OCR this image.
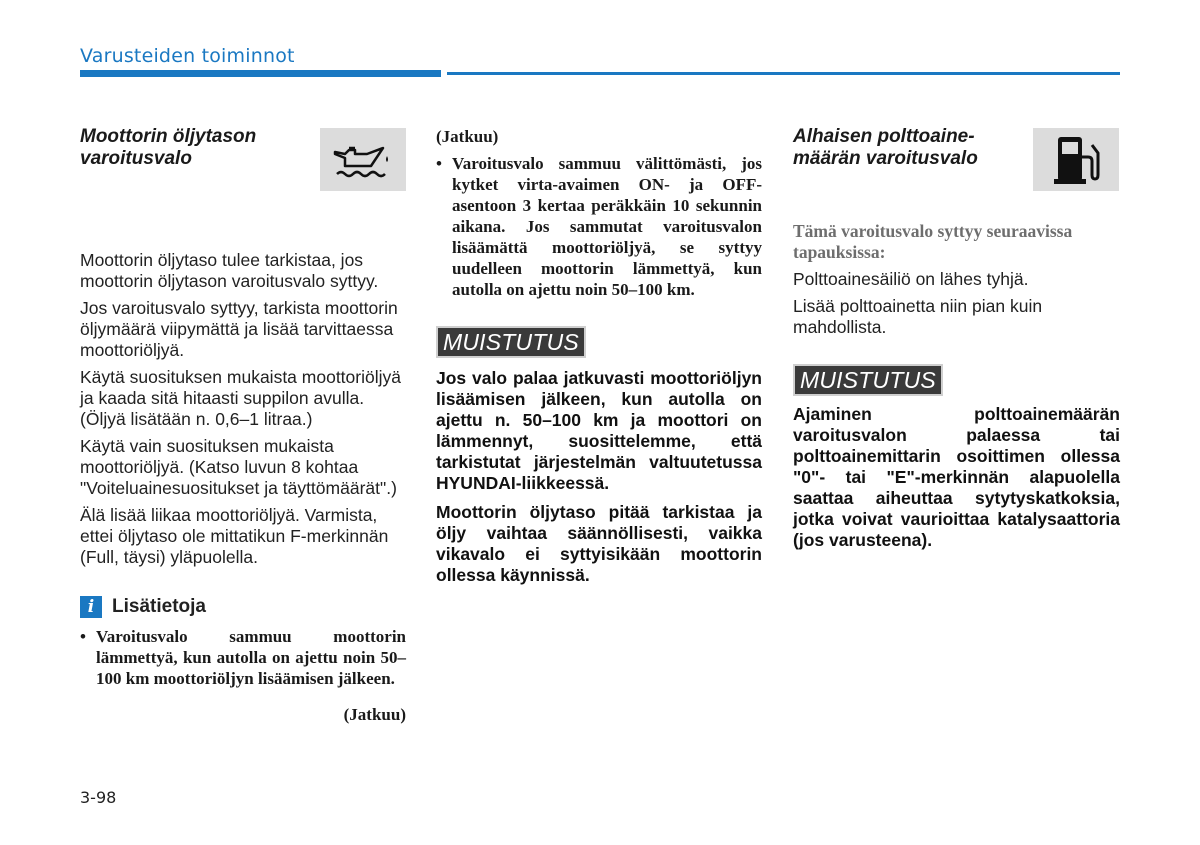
Varusteiden toiminnot
Moottorin öljytason
varoitusvalo

Moottorin öljytaso tulee tarkistaa, jos moottorin öljytason varoitusvalo syttyy.

Jos varoitusvalo syttyy, tarkista moottorin öljymäärä viipymättä ja lisää tarvittaessa moottoriöljyä.

Käytä suosituksen mukaista moottoriöljyä ja kaada sitä hitaasti suppilon avulla. (Öljyä lisätään n. 0,6–1 litraa.)

Käytä vain suosituksen mukaista moottoriöljyä. (Katso luvun 8 kohtaa "Voiteluainesuositukset ja täyttömäärät".)

Älä lisää liikaa moottoriöljyä. Varmista, ettei öljytaso ole mittatikun F-merkinnän (Full, täysi) yläpuolella.

i Lisätietoja
• Varoitusvalo sammuu moottorin lämmettyä, kun autolla on ajettu noin 50–100 km moottoriöljyn lisäämisen jälkeen.

(Jatkuu)

(Jatkuu)

• Varoitusvalo sammuu välittömästi, jos kytket virta-avaimen ON- ja OFF-asentoon 3 kertaa peräkkäin 10 sekunnin aikana. Jos sammutat varoitusvalon lisäämättä moottoriöljyä, se syttyy uudelleen moottorin lämmettyä, kun autolla on ajettu noin 50–100 km.

MUISTUTUS

Jos valo palaa jatkuvasti moottoriöljyn lisäämisen jälkeen, kun autolla on ajettu n. 50–100 km ja moottori on lämmennyt, suosittelemme, että tarkistutat järjestelmän valtuutetussa HYUNDAI-liikkeessä.

Moottorin öljytaso pitää tarkistaa ja öljy vaihtaa säännöllisesti, vaikka vikavalo ei syttyisikään moottorin ollessa käynnissä.

Alhaisen polttoaine-
määrän varoitusvalo

Tämä varoitusvalo syttyy seuraavissa tapauksissa:

Polttoainesäiliö on lähes tyhjä.

Lisää polttoainetta niin pian kuin mahdollista.

MUISTUTUS

Ajaminen polttoainemäärän varoitusvalon palaessa tai polttoainemittarin osoittimen ollessa "0"- tai "E"-merkinnän alapuolella saattaa aiheuttaa sytytyskatkoksia, jotka voivat vaurioittaa katalysaattoria (jos varusteena).

3-98
